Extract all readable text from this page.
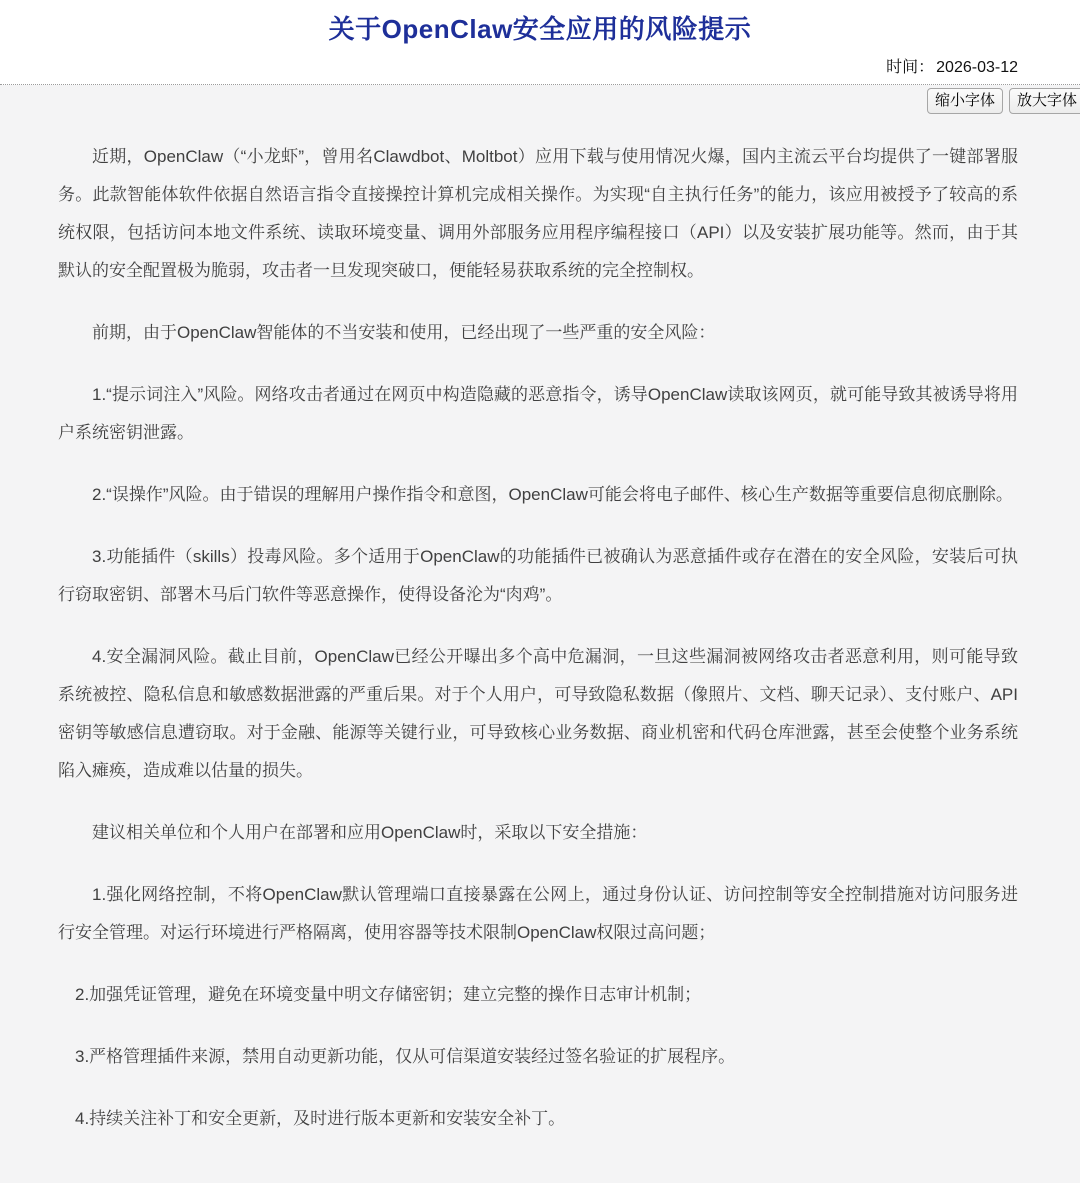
关于OpenClaw安全应用的风险提示
时间： 2026-03-12
缩小字体	放大字体

近期，OpenClaw（“小龙虾”，曾用名Clawdbot、Moltbot）应用下载与使用情况火爆，国内主流云平台均提供了一键部署服务。此款智能体软件依据自然语言指令直接操控计算机完成相关操作。为实现“自主执行任务”的能力，该应用被授予了较高的系统权限，包括访问本地文件系统、读取环境变量、调用外部服务应用程序编程接口（API）以及安装扩展功能等。然而，由于其默认的安全配置极为脆弱，攻击者一旦发现突破口，便能轻易获取系统的完全控制权。

前期，由于OpenClaw智能体的不当安装和使用，已经出现了一些严重的安全风险：

1.“提示词注入”风险。网络攻击者通过在网页中构造隐藏的恶意指令，诱导OpenClaw读取该网页，就可能导致其被诱导将用户系统密钥泄露。

2.“误操作”风险。由于错误的理解用户操作指令和意图，OpenClaw可能会将电子邮件、核心生产数据等重要信息彻底删除。

3.功能插件（skills）投毒风险。多个适用于OpenClaw的功能插件已被确认为恶意插件或存在潜在的安全风险，安装后可执行窃取密钥、部署木马后门软件等恶意操作，使得设备沦为“肉鸡”。

4.安全漏洞风险。截止目前，OpenClaw已经公开曝出多个高中危漏洞，一旦这些漏洞被网络攻击者恶意利用，则可能导致系统被控、隐私信息和敏感数据泄露的严重后果。对于个人用户，可导致隐私数据（像照片、文档、聊天记录）、支付账户、API密钥等敏感信息遭窃取。对于金融、能源等关键行业，可导致核心业务数据、商业机密和代码仓库泄露，甚至会使整个业务系统陷入瘫痪，造成难以估量的损失。

建议相关单位和个人用户在部署和应用OpenClaw时，采取以下安全措施：

1.强化网络控制，不将OpenClaw默认管理端口直接暴露在公网上，通过身份认证、访问控制等安全控制措施对访问服务进行安全管理。对运行环境进行严格隔离，使用容器等技术限制OpenClaw权限过高问题；

2.加强凭证管理，避免在环境变量中明文存储密钥；建立完整的操作日志审计机制；

3.严格管理插件来源，禁用自动更新功能，仅从可信渠道安装经过签名验证的扩展程序。

4.持续关注补丁和安全更新，及时进行版本更新和安装安全补丁。
